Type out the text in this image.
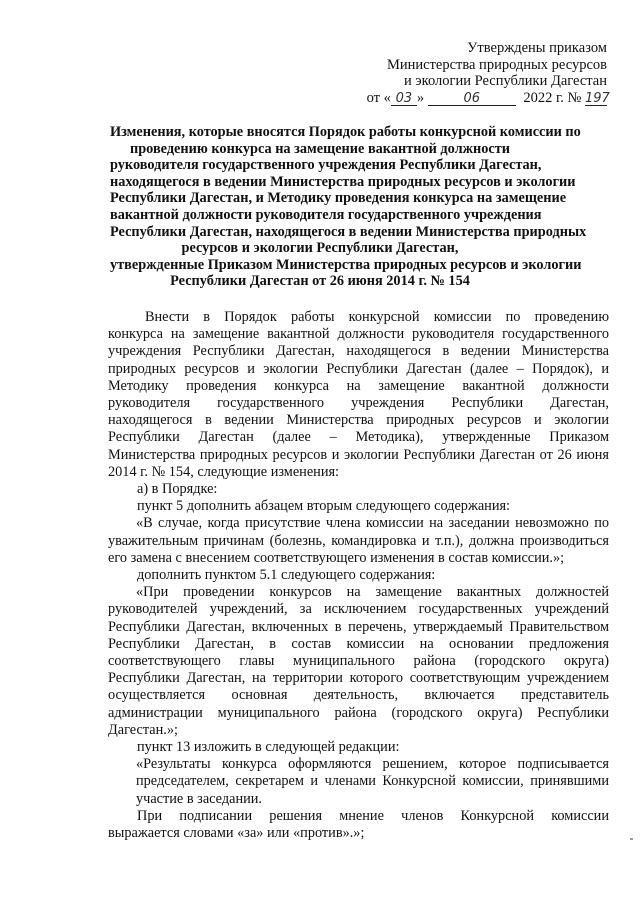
Утверждены приказом
Министерства природных ресурсов
и экологии Республики Дагестан
от « 03 »	06	2022 г. № 197
Изменения, которые вносятся Порядок работы конкурсной комиссии по
проведению конкурса на замещение вакантной должности
руководителя государственного учреждения Республики Дагестан,
находящегося в ведении Министерства природных ресурсов и экологии
Республики Дагестан, и Методику проведения конкурса на замещение
вакантной должности руководителя государственного учреждения
Республики Дагестан, находящегося в ведении Министерства природных
ресурсов и экологии Республики Дагестан,
утвержденные Приказом Министерства природных ресурсов и экологии
Республики Дагестан от 26 июня 2014 г. № 154
Внести в Порядок работы конкурсной комиссии по проведению
конкурса на замещение вакантной должности руководителя государственного
учреждения Республики Дагестан, находящегося в ведении Министерства
природных ресурсов и экологии Республики Дагестан (далее – Порядок), и
Методику проведения конкурса на замещение вакантной должности
руководителя государственного учреждения Республики Дагестан,
находящегося в ведении Министерства природных ресурсов и экологии
Республики Дагестан (далее – Методика), утвержденные Приказом
Министерства природных ресурсов и экологии Республики Дагестан от 26 июня
2014 г. № 154, следующие изменения:
а) в Порядке:
пункт 5 дополнить абзацем вторым следующего содержания:
«В случае, когда присутствие члена комиссии на заседании невозможно по
уважительным причинам (болезнь, командировка и т.п.), должна производиться
его замена с внесением соответствующего изменения в состав комиссии.»;
дополнить пунктом 5.1 следующего содержания:
«При проведении конкурсов на замещение вакантных должностей
руководителей учреждений, за исключением государственных учреждений
Республики Дагестан, включенных в перечень, утверждаемый Правительством
Республики Дагестан, в состав комиссии на основании предложения
соответствующего главы муниципального района (городского округа)
Республики Дагестан, на территории которого соответствующим учреждением
осуществляется основная деятельность, включается представитель
администрации муниципального района (городского округа) Республики
Дагестан.»;
пункт 13 изложить в следующей редакции:
«Результаты конкурса оформляются решением, которое подписывается
председателем, секретарем и членами Конкурсной комиссии, принявшими
участие в заседании.
При подписании решения мнение членов Конкурсной комиссии
выражается словами «за» или «против».»;
